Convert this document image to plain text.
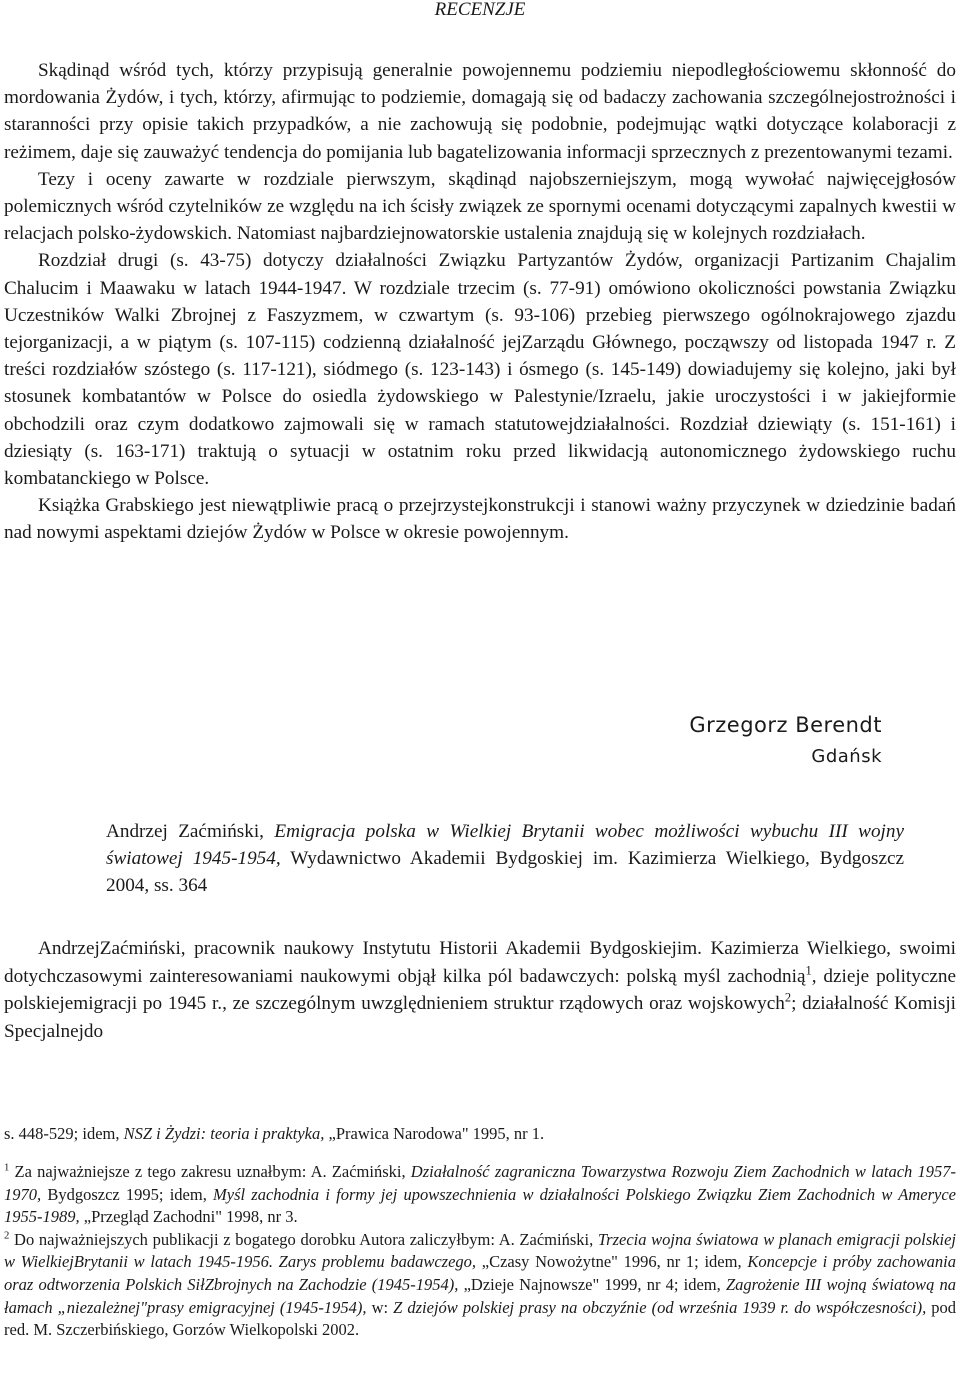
RECENZJE

Skądinąd wśród tych, którzy przypisują generalnie powojennemu podziemiu niepodległościowemu skłonność do mordowania Żydów, i tych, którzy, afirmując to podziemie, domagają się od badaczy zachowania szczególnejostrożności i staranności przy opisie takich przypadków, a nie zachowują się podobnie, podejmując wątki dotyczące kolaboracji z reżimem, daje się zauważyć tendencja do pomijania lub bagatelizowania informacji sprzecznych z prezentowanymi tezami.

Tezy i oceny zawarte w rozdziale pierwszym, skądinąd najobszerniejszym, mogą wywołać najwięcejgłosów polemicznych wśród czytelników ze względu na ich ścisły związek ze spornymi ocenami dotyczącymi zapalnych kwestii w relacjach polsko-żydowskich. Natomiast najbardziejnowatorskie ustalenia znajdują się w kolejnych rozdziałach.

Rozdział drugi (s. 43-75) dotyczy działalności Związku Partyzantów Żydów, organizacji Partizanim Chajalim Chalucim i Maawaku w latach 1944-1947. W rozdziale trzecim (s. 77-91) omówiono okoliczności powstania Związku Uczestników Walki Zbrojnej z Faszyzmem, w czwartym (s. 93-106) przebieg pierwszego ogólnokrajowego zjazdu tejorganizacji, a w piątym (s. 107-115) codzienną działalność jejZarządu Głównego, począwszy od listopada 1947 r. Z treści rozdziałów szóstego (s. 117-121), siódmego (s. 123-143) i ósmego (s. 145-149) dowiadujemy się kolejno, jaki był stosunek kombatantów w Polsce do osiedla żydowskiego w Palestynie/Izraelu, jakie uroczystości i w jakiejformie obchodzili oraz czym dodatkowo zajmowali się w ramach statutowejdziałalności. Rozdział dziewiąty (s. 151-161) i dziesiąty (s. 163-171) traktują o sytuacji w ostatnim roku przed likwidacją autonomicznego żydowskiego ruchu kombatanckiego w Polsce.

Książka Grabskiego jest niewątpliwie pracą o przejrzystejkonstrukcji i stanowi ważny przyczynek w dziedzinie badań nad nowymi aspektami dziejów Żydów w Polsce w okresie powojennym.

Grzegorz Berendt
Gdańsk
Andrzej Zaćmiński, Emigracja polska w Wielkiej Brytanii wobec możliwości wybuchu III wojny światowej 1945-1954, Wydawnictwo Akademii Bydgoskiej im. Kazimierza Wielkiego, Bydgoszcz 2004, ss. 364

AndrzejZaćmiński, pracownik naukowy Instytutu Historii Akademii Bydgoskiejim. Kazimierza Wielkiego, swoimi dotychczasowymi zainteresowaniami naukowymi objął kilka pól badawczych: polską myśl zachodnią$^1$, dzieje polityczne polskiejemigracji po 1945 r., ze szczególnym uwzględnieniem struktur rządowych oraz wojskowych$^2$; działalność Komisji Specjalnejdo

s. 448-529; idem, NSZ i Żydzi: teoria i praktyka, „Prawica Narodowa" 1995, nr 1.

$^1$ Za najważniejsze z tego zakresu uznałbym: A. Zaćmiński, Działalność zagraniczna Towarzystwa Rozwoju Ziem Zachodnich w latach 1957-1970, Bydgoszcz 1995; idem, Myśl zachodnia i formy jej upowszechnienia w działalności Polskiego Związku Ziem Zachodnich w Ameryce 1955-1989, „Przegląd Zachodni" 1998, nr 3.

$^2$ Do najważniejszych publikacji z bogatego dorobku Autora zaliczyłbym: A. Zaćmiński, Trzecia wojna światowa w planach emigracji polskiej w WielkiejBrytanii w latach 1945-1956. Zarys problemu badawczego, „Czasy Nowożytne" 1996, nr 1; idem, Koncepcje i próby zachowania oraz odtworzenia Polskich SiłZbrojnych na Zachodzie (1945-1954), „Dzieje Najnowsze" 1999, nr 4; idem, Zagrożenie III wojną światową na łamach „niezależnej"prasy emigracyjnej (1945-1954), w: Z dziejów polskiej prasy na obczyźnie (od września 1939 r. do współczesności), pod red. M. Szczerbińskiego, Gorzów Wielkopolski 2002.
